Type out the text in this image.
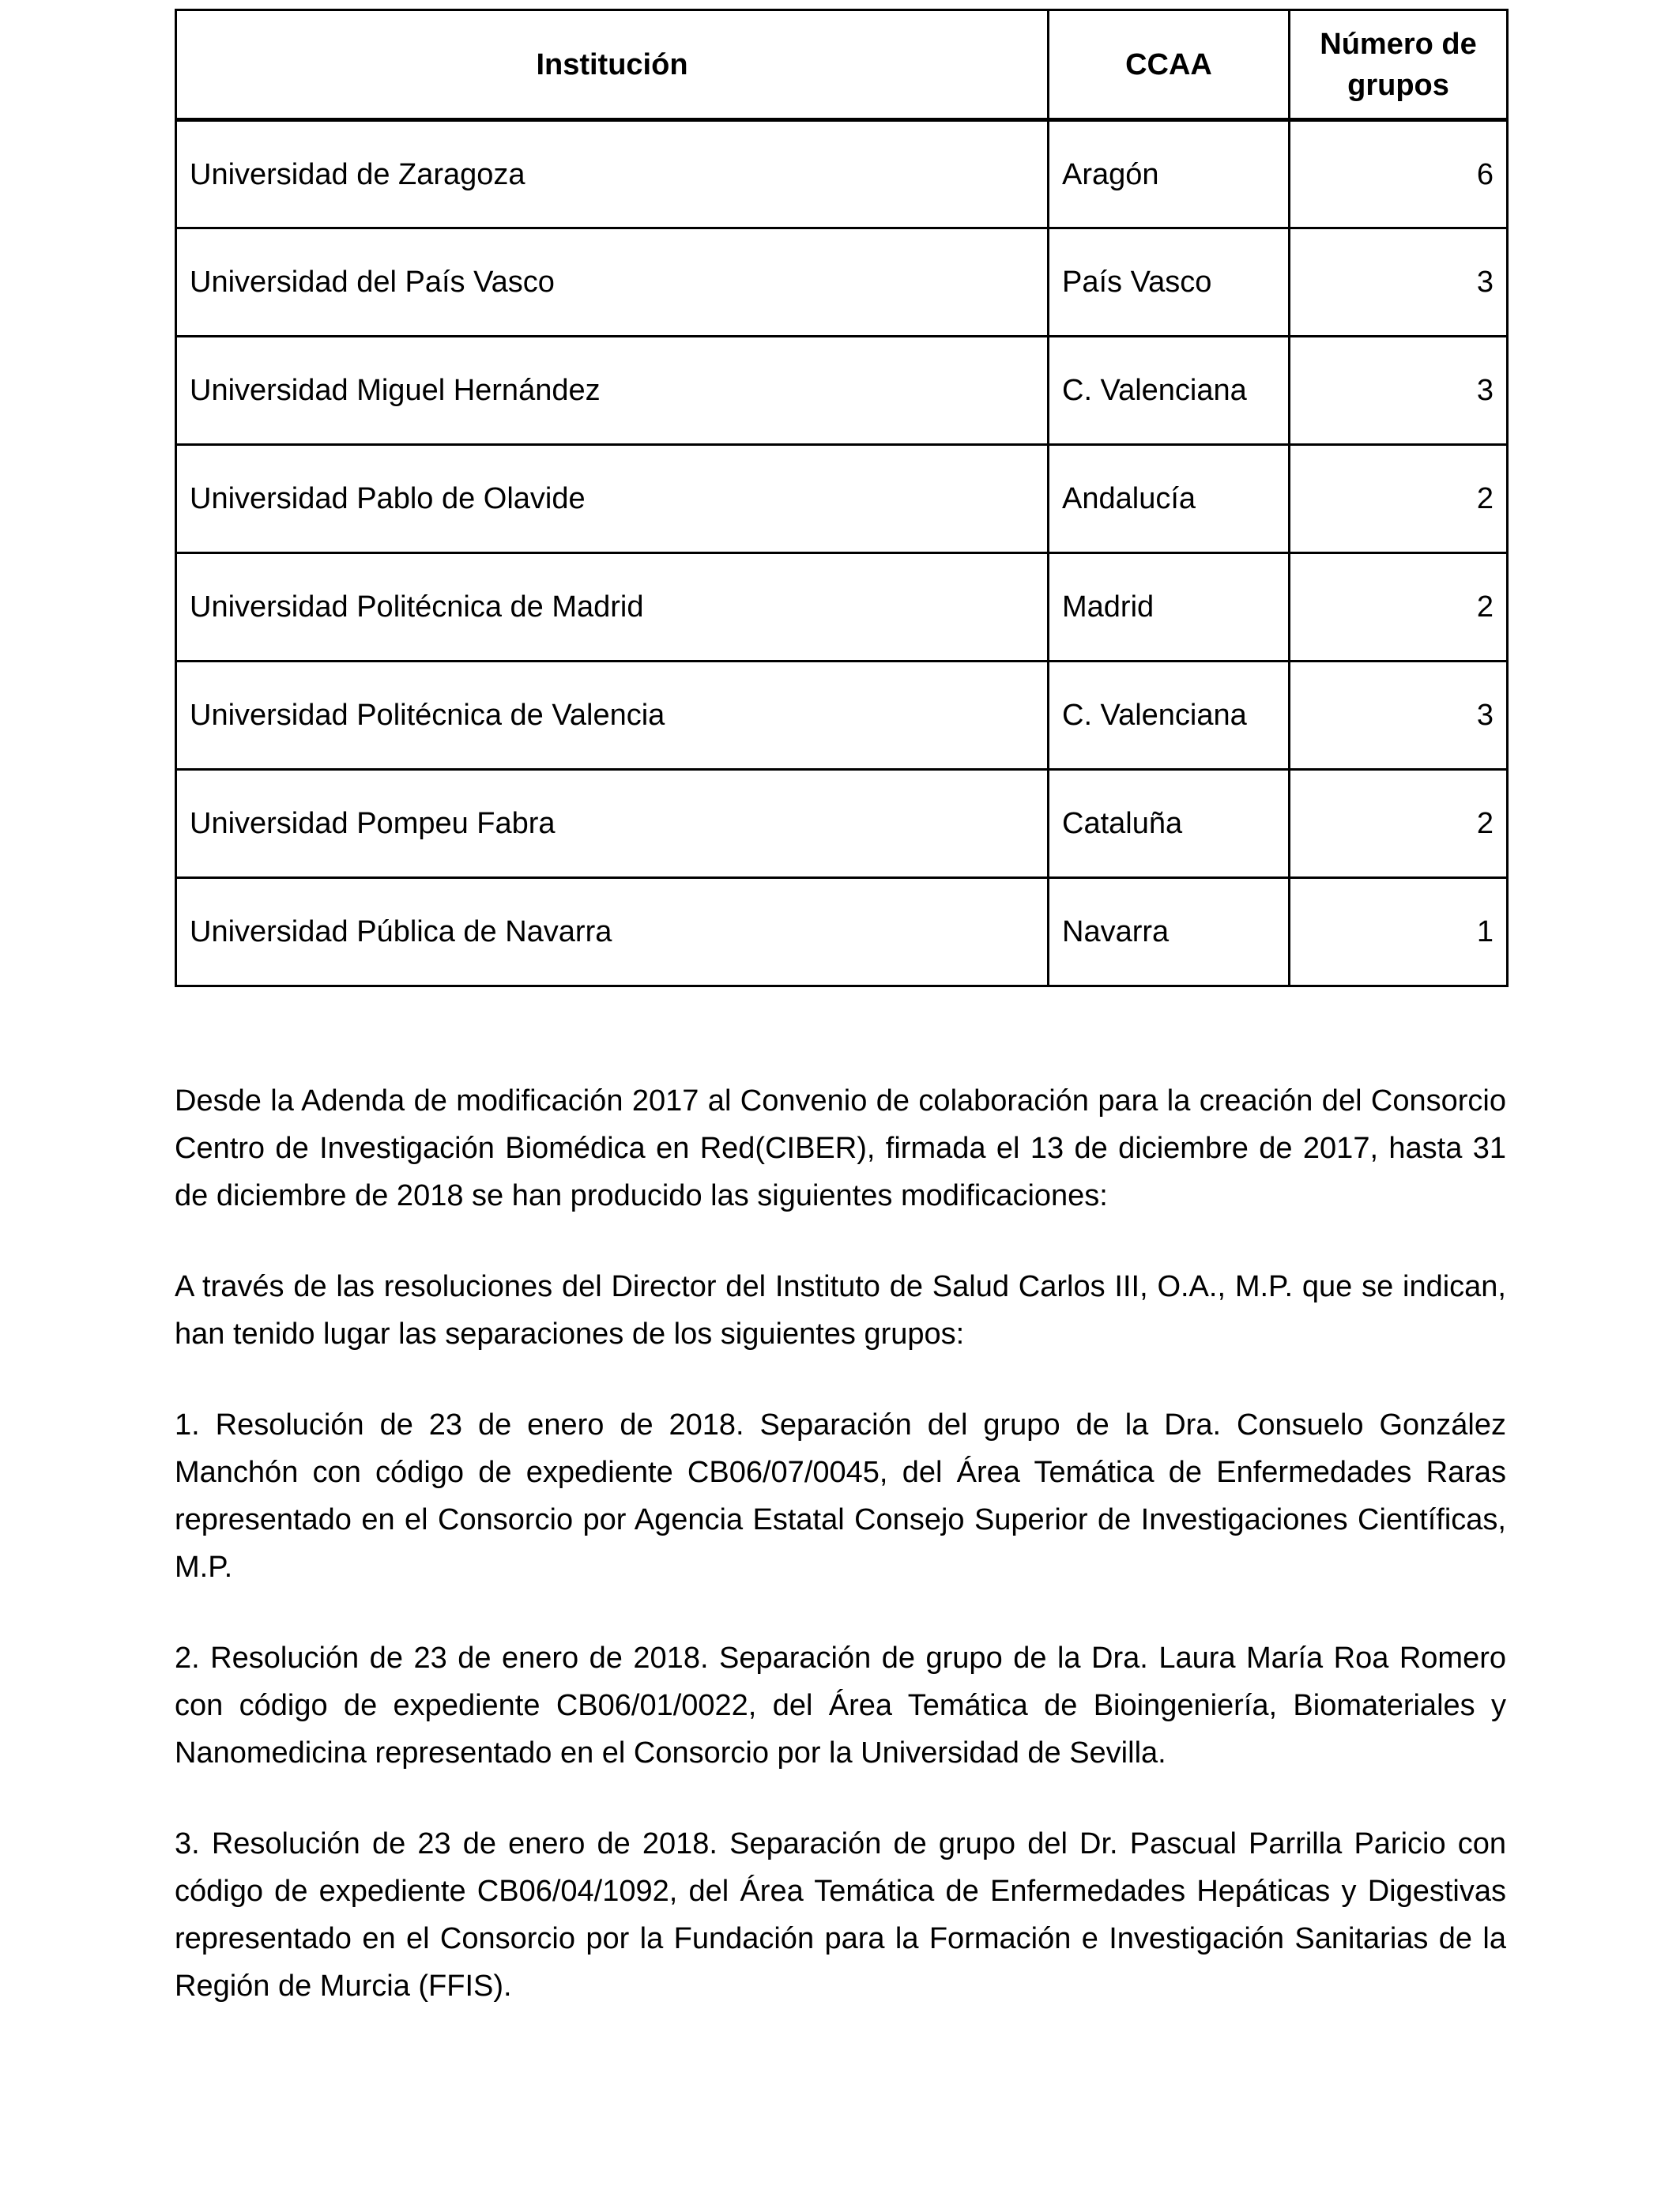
Institución	CCAA	Número de grupos
Universidad de Zaragoza	Aragón	6
Universidad del País Vasco	País Vasco	3
Universidad Miguel Hernández	C. Valenciana	3
Universidad Pablo de Olavide	Andalucía	2
Universidad Politécnica de Madrid	Madrid	2
Universidad Politécnica de Valencia	C. Valenciana	3
Universidad Pompeu Fabra	Cataluña	2
Universidad Pública de Navarra	Navarra	1

Desde la Adenda de modificación 2017 al Convenio de colaboración para la creación del Consorcio Centro de Investigación Biomédica en Red(CIBER), firmada el 13 de diciembre de 2017, hasta 31 de diciembre de 2018 se han producido las siguientes modificaciones:

A través de las resoluciones del Director del Instituto de Salud Carlos III, O.A., M.P. que se indican, han tenido lugar las separaciones de los siguientes grupos:

1. Resolución de 23 de enero de 2018. Separación del grupo de la Dra. Consuelo González Manchón con código de expediente CB06/07/0045, del Área Temática de Enfermedades Raras representado en el Consorcio por Agencia Estatal Consejo Superior de Investigaciones Científicas, M.P.

2. Resolución de 23 de enero de 2018. Separación de grupo de la Dra. Laura María Roa Romero con código de expediente CB06/01/0022, del Área Temática de Bioingeniería, Biomateriales y Nanomedicina representado en el Consorcio por la Universidad de Sevilla.

3. Resolución de 23 de enero de 2018. Separación de grupo del Dr. Pascual Parrilla Paricio con código de expediente CB06/04/1092, del Área Temática de Enfermedades Hepáticas y Digestivas representado en el Consorcio por la Fundación para la Formación e Investigación Sanitarias de la Región de Murcia (FFIS).
